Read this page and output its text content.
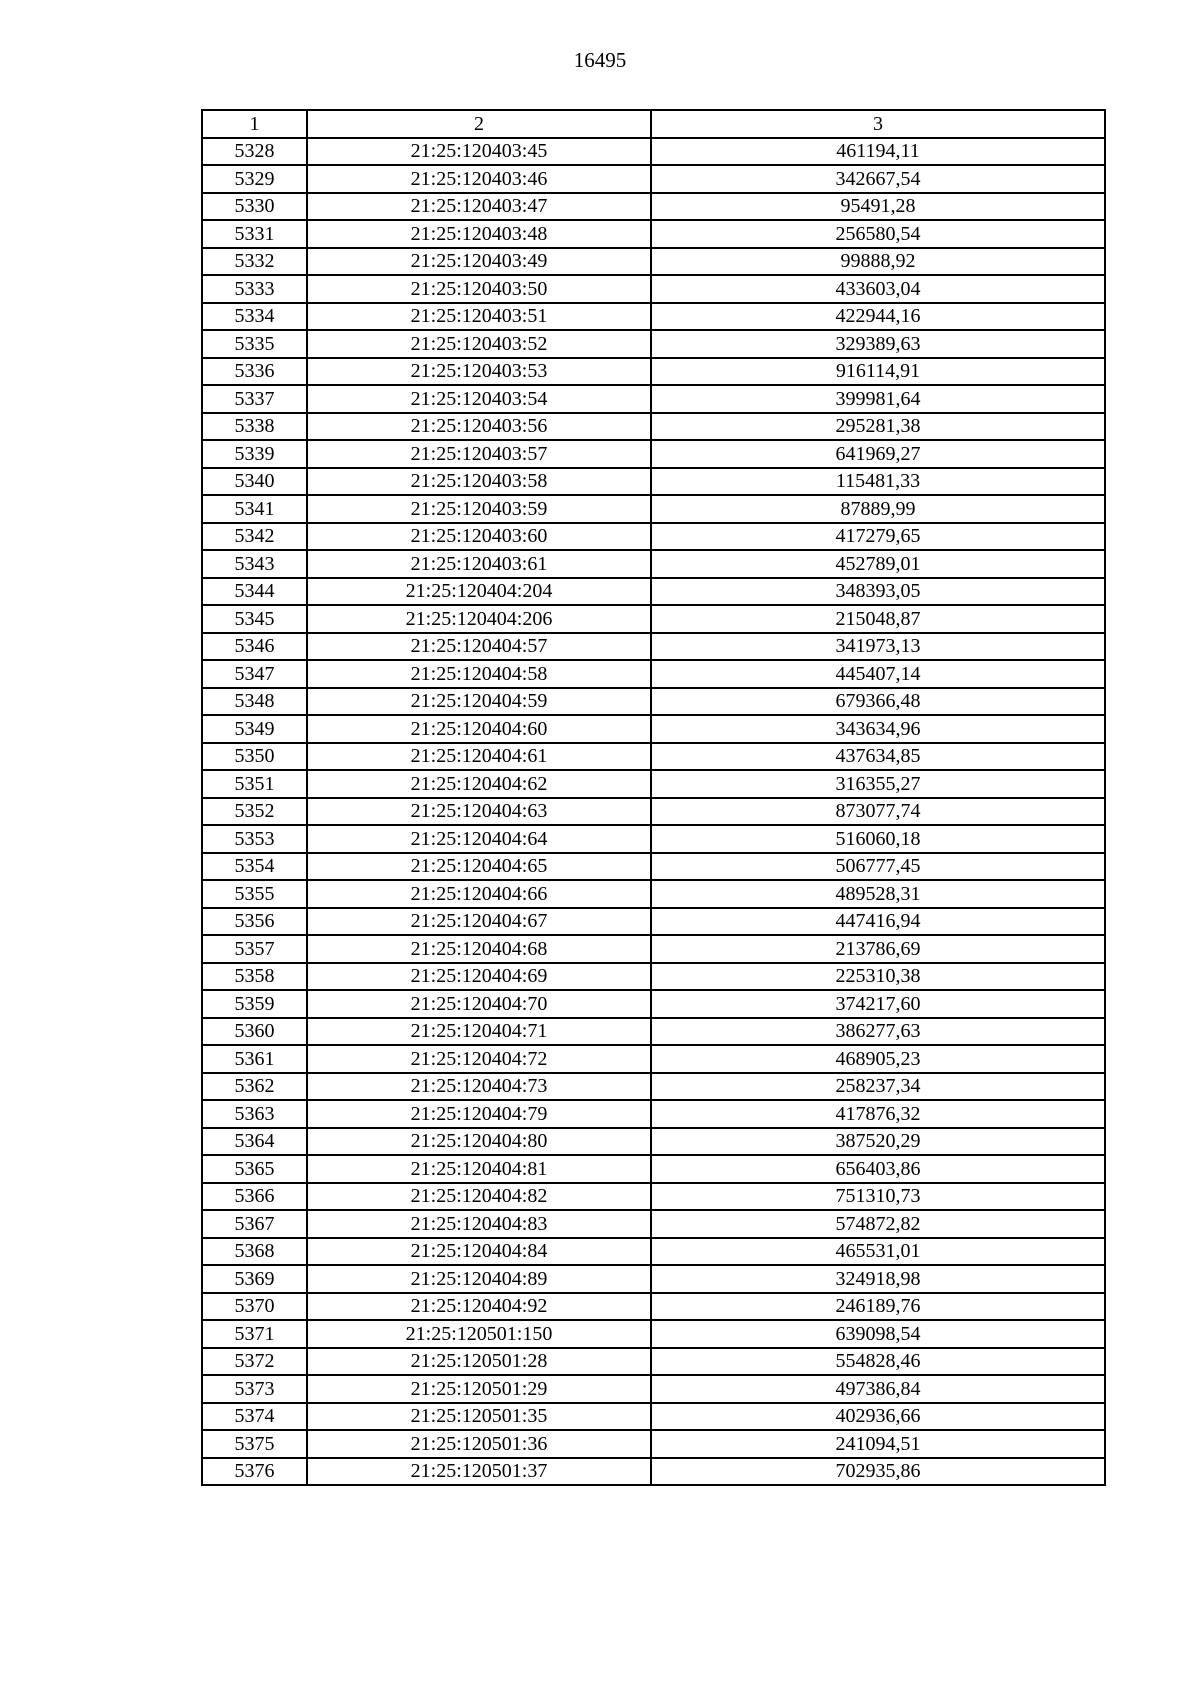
16495
1	2	3
5328	21:25:120403:45	461194,11
5329	21:25:120403:46	342667,54
5330	21:25:120403:47	95491,28
5331	21:25:120403:48	256580,54
5332	21:25:120403:49	99888,92
5333	21:25:120403:50	433603,04
5334	21:25:120403:51	422944,16
5335	21:25:120403:52	329389,63
5336	21:25:120403:53	916114,91
5337	21:25:120403:54	399981,64
5338	21:25:120403:56	295281,38
5339	21:25:120403:57	641969,27
5340	21:25:120403:58	115481,33
5341	21:25:120403:59	87889,99
5342	21:25:120403:60	417279,65
5343	21:25:120403:61	452789,01
5344	21:25:120404:204	348393,05
5345	21:25:120404:206	215048,87
5346	21:25:120404:57	341973,13
5347	21:25:120404:58	445407,14
5348	21:25:120404:59	679366,48
5349	21:25:120404:60	343634,96
5350	21:25:120404:61	437634,85
5351	21:25:120404:62	316355,27
5352	21:25:120404:63	873077,74
5353	21:25:120404:64	516060,18
5354	21:25:120404:65	506777,45
5355	21:25:120404:66	489528,31
5356	21:25:120404:67	447416,94
5357	21:25:120404:68	213786,69
5358	21:25:120404:69	225310,38
5359	21:25:120404:70	374217,60
5360	21:25:120404:71	386277,63
5361	21:25:120404:72	468905,23
5362	21:25:120404:73	258237,34
5363	21:25:120404:79	417876,32
5364	21:25:120404:80	387520,29
5365	21:25:120404:81	656403,86
5366	21:25:120404:82	751310,73
5367	21:25:120404:83	574872,82
5368	21:25:120404:84	465531,01
5369	21:25:120404:89	324918,98
5370	21:25:120404:92	246189,76
5371	21:25:120501:150	639098,54
5372	21:25:120501:28	554828,46
5373	21:25:120501:29	497386,84
5374	21:25:120501:35	402936,66
5375	21:25:120501:36	241094,51
5376	21:25:120501:37	702935,86
